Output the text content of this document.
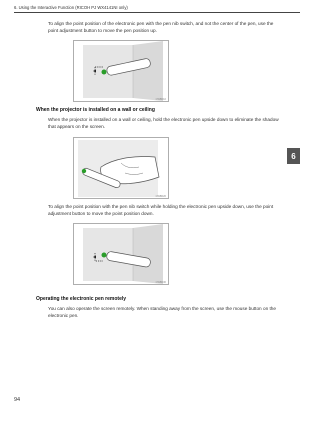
6. Using the Interactive Function (RICOH PJ WX4141NI only)
6

To align the point position of the electronic pen with the pen nib switch, and not the center of the pen, use the point adjustment button to move the pen position up.

CWB010

When the projector is installed on a wall or ceiling

When the projector is installed on a wall or ceiling, hold the electronic pen upside down to eliminate the shadow that appears on the screen.

CWB020

To align the point position with the pen nib switch while holding the electronic pen upside down, use the point adjustment button to move the point position down.

CWB030

Operating the electronic pen remotely

You can also operate the screen remotely. When standing away from the screen, use the mouse button on the electronic pen.

94
